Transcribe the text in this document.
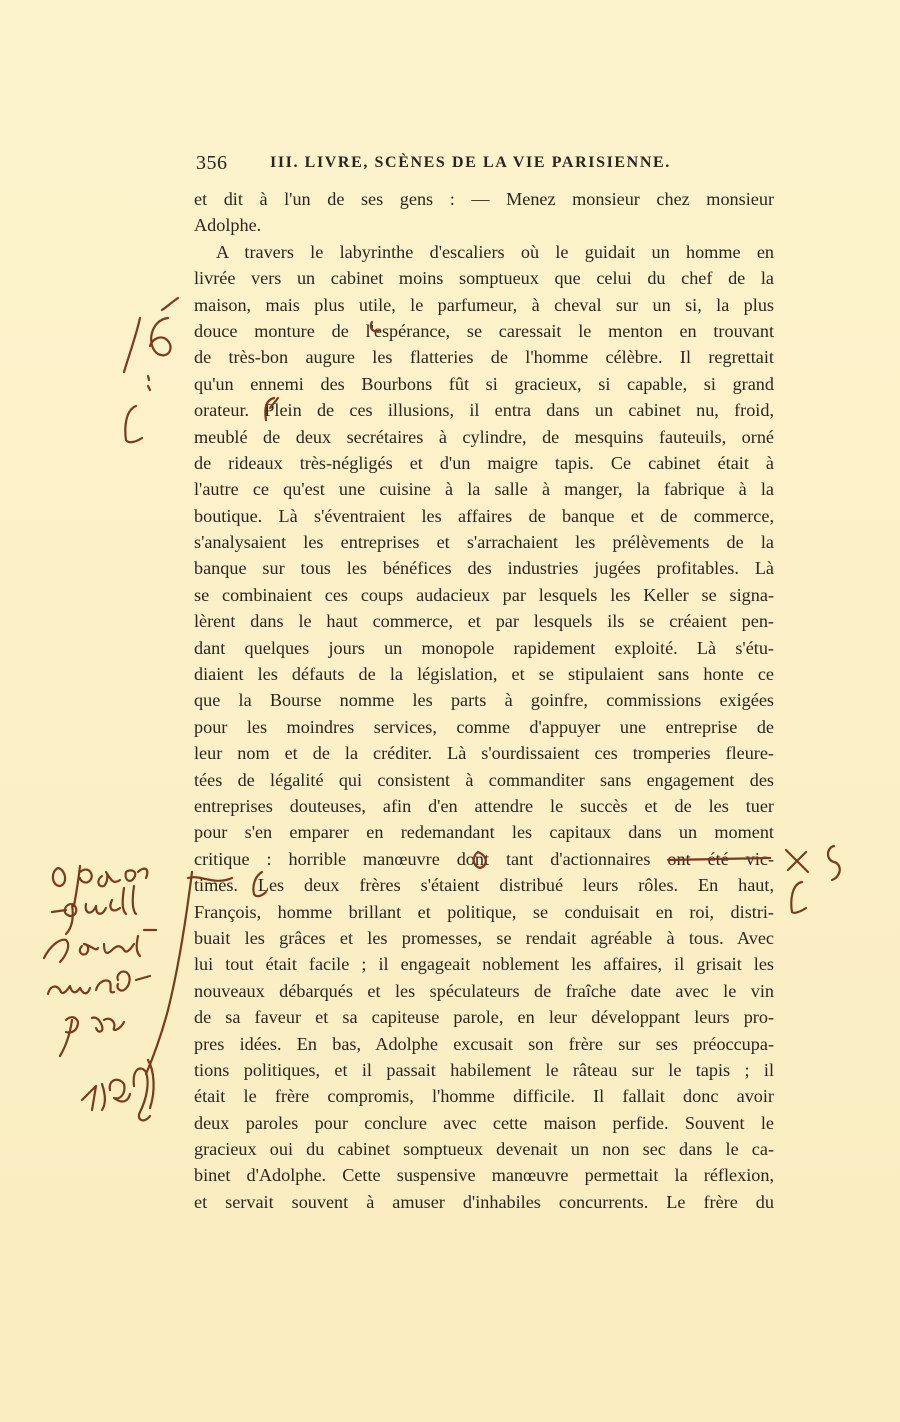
356	III. LIVRE, SCÈNES DE LA VIE PARISIENNE.
et dit à l'un de ses gens : — Menez monsieur chez monsieur
Adolphe.
A travers le labyrinthe d'escaliers où le guidait un homme en
livrée vers un cabinet moins somptueux que celui du chef de la
maison, mais plus utile, le parfumeur, à cheval sur un si, la plus
douce monture de l'espérance, se caressait le menton en trouvant
de très-bon augure les flatteries de l'homme célèbre. Il regrettait
qu'un ennemi des Bourbons fût si gracieux, si capable, si grand
orateur. Plein de ces illusions, il entra dans un cabinet nu, froid,
meublé de deux secrétaires à cylindre, de mesquins fauteuils, orné
de rideaux très-négligés et d'un maigre tapis. Ce cabinet était à
l'autre ce qu'est une cuisine à la salle à manger, la fabrique à la
boutique. Là s'éventraient les affaires de banque et de commerce,
s'analysaient les entreprises et s'arrachaient les prélèvements de la
banque sur tous les bénéfices des industries jugées profitables. Là
se combinaient ces coups audacieux par lesquels les Keller se signa-
lèrent dans le haut commerce, et par lesquels ils se créaient pen-
dant quelques jours un monopole rapidement exploité. Là s'étu-
diaient les défauts de la législation, et se stipulaient sans honte ce
que la Bourse nomme les parts à goinfre, commissions exigées
pour les moindres services, comme d'appuyer une entreprise de
leur nom et de la créditer. Là s'ourdissaient ces tromperies fleure-
tées de légalité qui consistent à commanditer sans engagement des
entreprises douteuses, afin d'en attendre le succès et de les tuer
pour s'en emparer en redemandant les capitaux dans un moment
critique : horrible manœuvre dont tant d'actionnaires ont été vic-
times. Les deux frères s'étaient distribué leurs rôles. En haut,
François, homme brillant et politique, se conduisait en roi, distri-
buait les grâces et les promesses, se rendait agréable à tous. Avec
lui tout était facile ; il engageait noblement les affaires, il grisait les
nouveaux débarqués et les spéculateurs de fraîche date avec le vin
de sa faveur et sa capiteuse parole, en leur développant leurs pro-
pres idées. En bas, Adolphe excusait son frère sur ses préoccupa-
tions politiques, et il passait habilement le râteau sur le tapis ; il
était le frère compromis, l'homme difficile. Il fallait donc avoir
deux paroles pour conclure avec cette maison perfide. Souvent le
gracieux oui du cabinet somptueux devenait un non sec dans le ca-
binet d'Adolphe. Cette suspensive manœuvre permettait la réflexion,
et servait souvent à amuser d'inhabiles concurrents. Le frère du
